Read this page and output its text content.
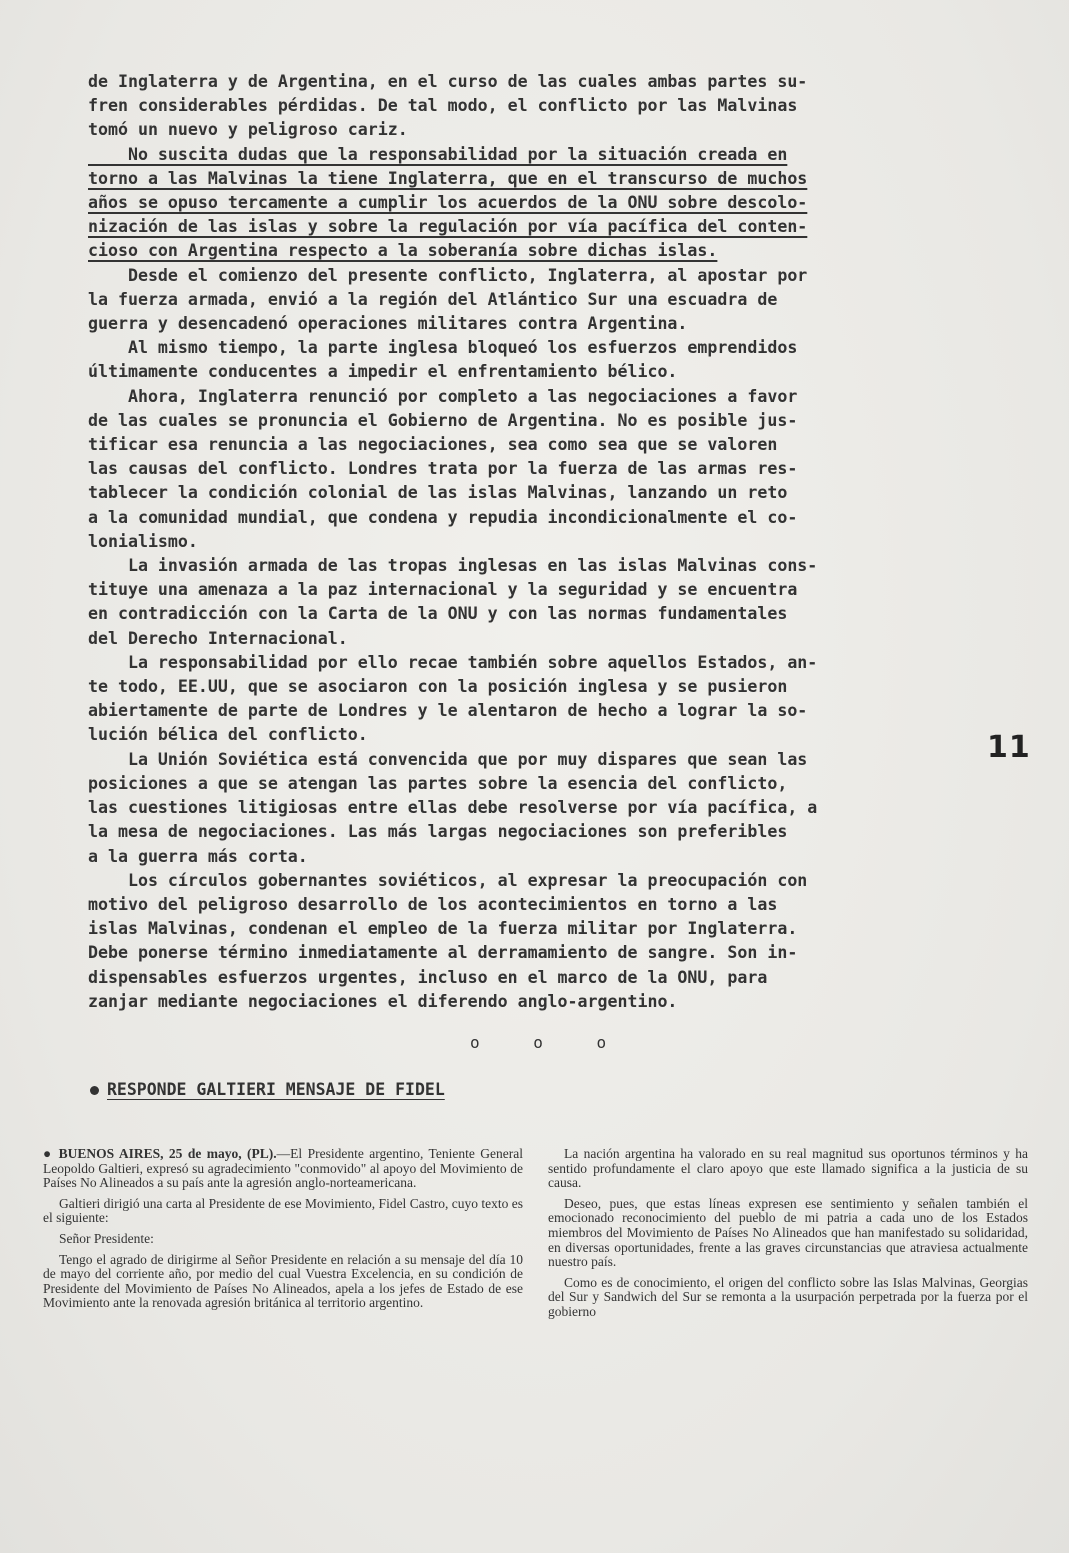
de Inglaterra y de Argentina, en el curso de las cuales ambas partes su-
fren considerables pérdidas. De tal modo, el conflicto por las Malvinas
tomó un nuevo y peligroso cariz.

No suscita dudas que la responsabilidad por la situación creada en
torno a las Malvinas la tiene Inglaterra, que en el transcurso de muchos
años se opuso tercamente a cumplir los acuerdos de la ONU sobre descolo-
nización de las islas y sobre la regulación por vía pacífica del conten-
cioso con Argentina respecto a la soberanía sobre dichas islas.

Desde el comienzo del presente conflicto, Inglaterra, al apostar por
la fuerza armada, envió a la región del Atlántico Sur una escuadra de
guerra y desencadenó operaciones militares contra Argentina.

Al mismo tiempo, la parte inglesa bloqueó los esfuerzos emprendidos
últimamente conducentes a impedir el enfrentamiento bélico.

Ahora, Inglaterra renunció por completo a las negociaciones a favor
de las cuales se pronuncia el Gobierno de Argentina. No es posible jus-
tificar esa renuncia a las negociaciones, sea como sea que se valoren
las causas del conflicto. Londres trata por la fuerza de las armas res-
tablecer la condición colonial de las islas Malvinas, lanzando un reto
a la comunidad mundial, que condena y repudia incondicionalmente el co-
lonialismo.

La invasión armada de las tropas inglesas en las islas Malvinas cons-
tituye una amenaza a la paz internacional y la seguridad y se encuentra
en contradicción con la Carta de la ONU y con las normas fundamentales
del Derecho Internacional.

La responsabilidad por ello recae también sobre aquellos Estados, an-
te todo, EE.UU, que se asociaron con la posición inglesa y se pusieron
abiertamente de parte de Londres y le alentaron de hecho a lograr la so-
lución bélica del conflicto.

La Unión Soviética está convencida que por muy dispares que sean las
posiciones a que se atengan las partes sobre la esencia del conflicto,
las cuestiones litigiosas entre ellas debe resolverse por vía pacífica, a
la mesa de negociaciones. Las más largas negociaciones son preferibles
a la guerra más corta.

Los círculos gobernantes soviéticos, al expresar la preocupación con
motivo del peligroso desarrollo de los acontecimientos en torno a las
islas Malvinas, condenan el empleo de la fuerza militar por Inglaterra.
Debe ponerse término inmediatamente al derramamiento de sangre. Son in-
dispensables esfuerzos urgentes, incluso en el marco de la ONU, para
zanjar mediante negociaciones el diferendo anglo-argentino.

11
o o o
RESPONDE GALTIERI MENSAJE DE FIDEL

● BUENOS AIRES, 25 de mayo, (PL).—El Presidente argentino, Teniente General Leopoldo Galtieri, expresó su agradecimiento "conmovido" al apoyo del Movimiento de Países No Alineados a su país ante la agresión anglo-norteamericana.

Galtieri dirigió una carta al Presidente de ese Movimiento, Fidel Castro, cuyo texto es el siguiente:

Señor Presidente:

Tengo el agrado de dirigirme al Señor Presidente en relación a su mensaje del día 10 de mayo del corriente año, por medio del cual Vuestra Excelencia, en su condición de Presidente del Movimiento de Países No Alineados, apela a los jefes de Estado de ese Movimiento ante la renovada agresión británica al territorio argentino.

La nación argentina ha valorado en su real magnitud sus oportunos términos y ha sentido profundamente el claro apoyo que este llamado significa a la justicia de su causa.

Deseo, pues, que estas líneas expresen ese sentimiento y señalen también el emocionado reconocimiento del pueblo de mi patria a cada uno de los Estados miembros del Movimiento de Países No Alineados que han manifestado su solidaridad, en diversas oportunidades, frente a las graves circunstancias que atraviesa actualmente nuestro país.

Como es de conocimiento, el origen del conflicto sobre las Islas Malvinas, Georgias del Sur y Sandwich del Sur se remonta a la usurpación perpetrada por la fuerza por el gobierno
